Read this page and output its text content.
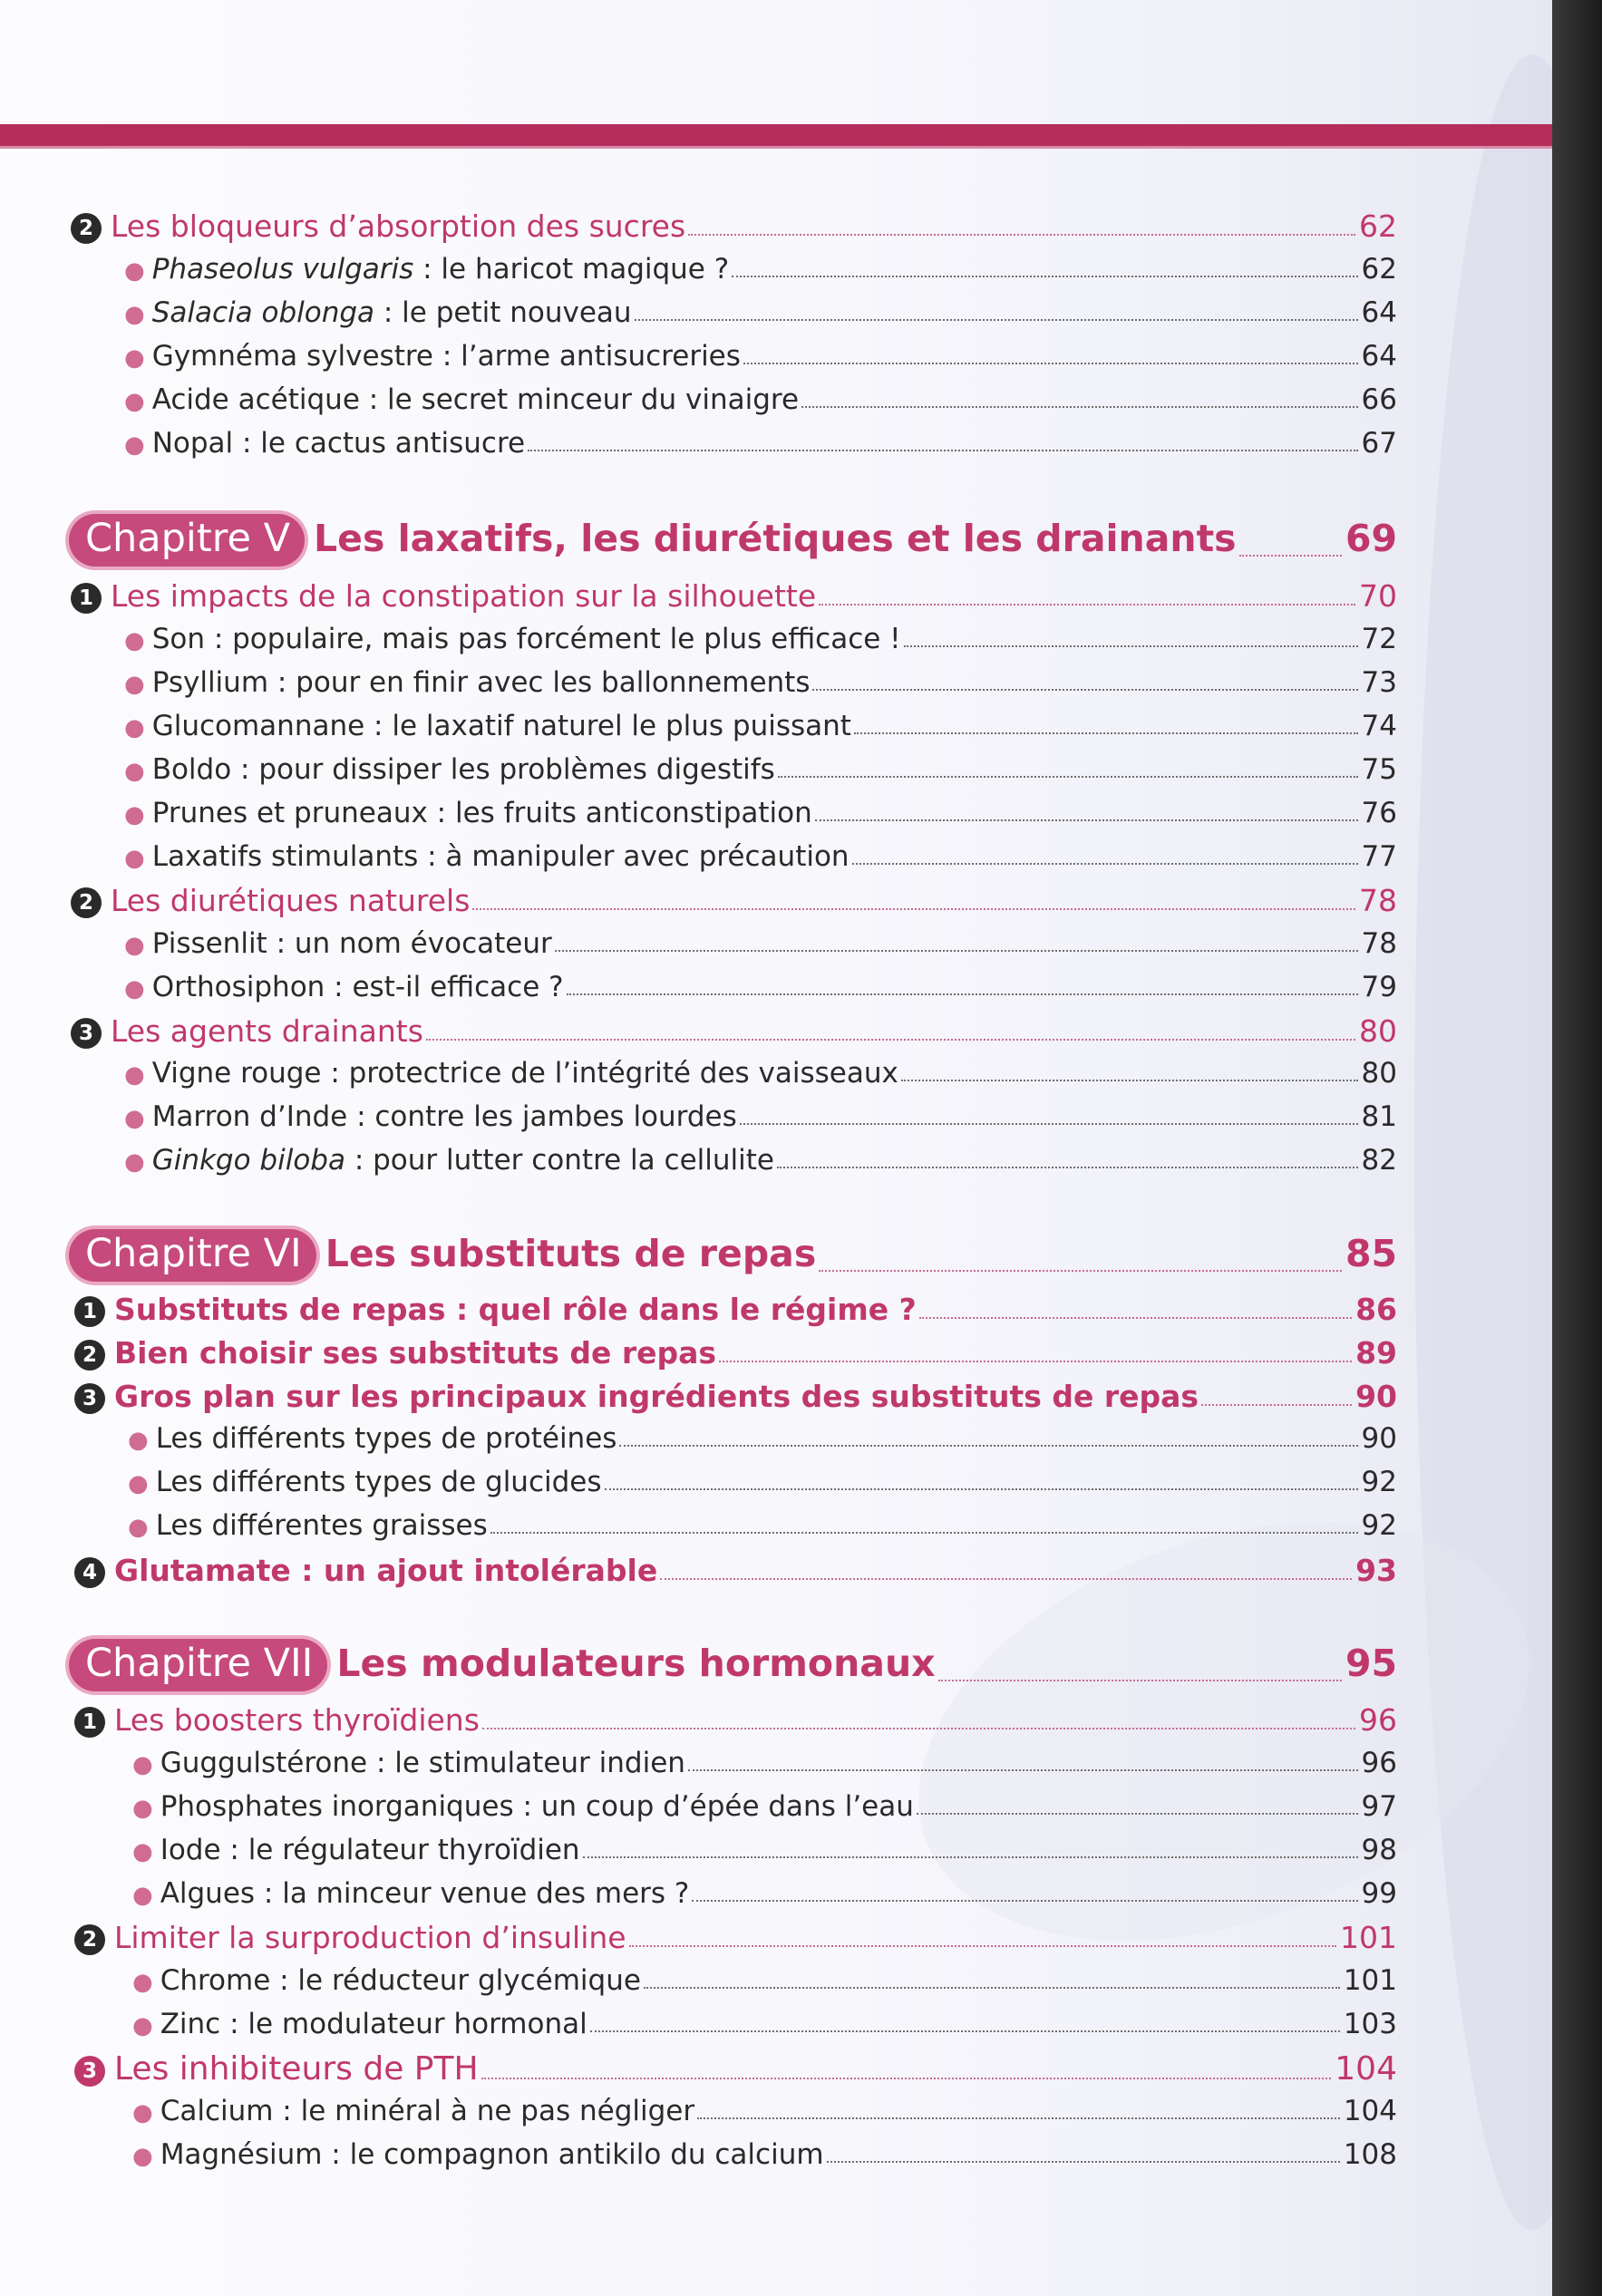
2 Les bloqueurs d’absorption des sucres	62
● Phaseolus vulgaris : le haricot magique ?	62
● Salacia oblonga : le petit nouveau	64
● Gymnéma sylvestre : l’arme antisucreries	64
● Acide acétique : le secret minceur du vinaigre	66
● Nopal : le cactus antisucre	67
Chapitre V Les laxatifs, les diurétiques et les drainants	69
1 Les impacts de la constipation sur la silhouette	70
● Son : populaire, mais pas forcément le plus efficace !	72
● Psyllium : pour en finir avec les ballonnements	73
● Glucomannane : le laxatif naturel le plus puissant	74
● Boldo : pour dissiper les problèmes digestifs	75
● Prunes et pruneaux : les fruits anticonstipation	76
● Laxatifs stimulants : à manipuler avec précaution	77
2 Les diurétiques naturels	78
● Pissenlit : un nom évocateur	78
● Orthosiphon : est-il efficace ?	79
3 Les agents drainants	80
● Vigne rouge : protectrice de l’intégrité des vaisseaux	80
● Marron d’Inde : contre les jambes lourdes	81
● Ginkgo biloba : pour lutter contre la cellulite	82
Chapitre VI Les substituts de repas	85
1 Substituts de repas : quel rôle dans le régime ?	86
2 Bien choisir ses substituts de repas	89
3 Gros plan sur les principaux ingrédients des substituts de repas	90
● Les différents types de protéines	90
● Les différents types de glucides	92
● Les différentes graisses	92
4 Glutamate : un ajout intolérable	93
Chapitre VII Les modulateurs hormonaux	95
1 Les boosters thyroïdiens	96
● Guggulstérone : le stimulateur indien	96
● Phosphates inorganiques : un coup d’épée dans l’eau	97
● Iode : le régulateur thyroïdien	98
● Algues : la minceur venue des mers ?	99
2 Limiter la surproduction d’insuline	101
● Chrome : le réducteur glycémique	101
● Zinc : le modulateur hormonal	103
3 Les inhibiteurs de PTH	104
● Calcium : le minéral à ne pas négliger	104
● Magnésium : le compagnon antikilo du calcium	108
